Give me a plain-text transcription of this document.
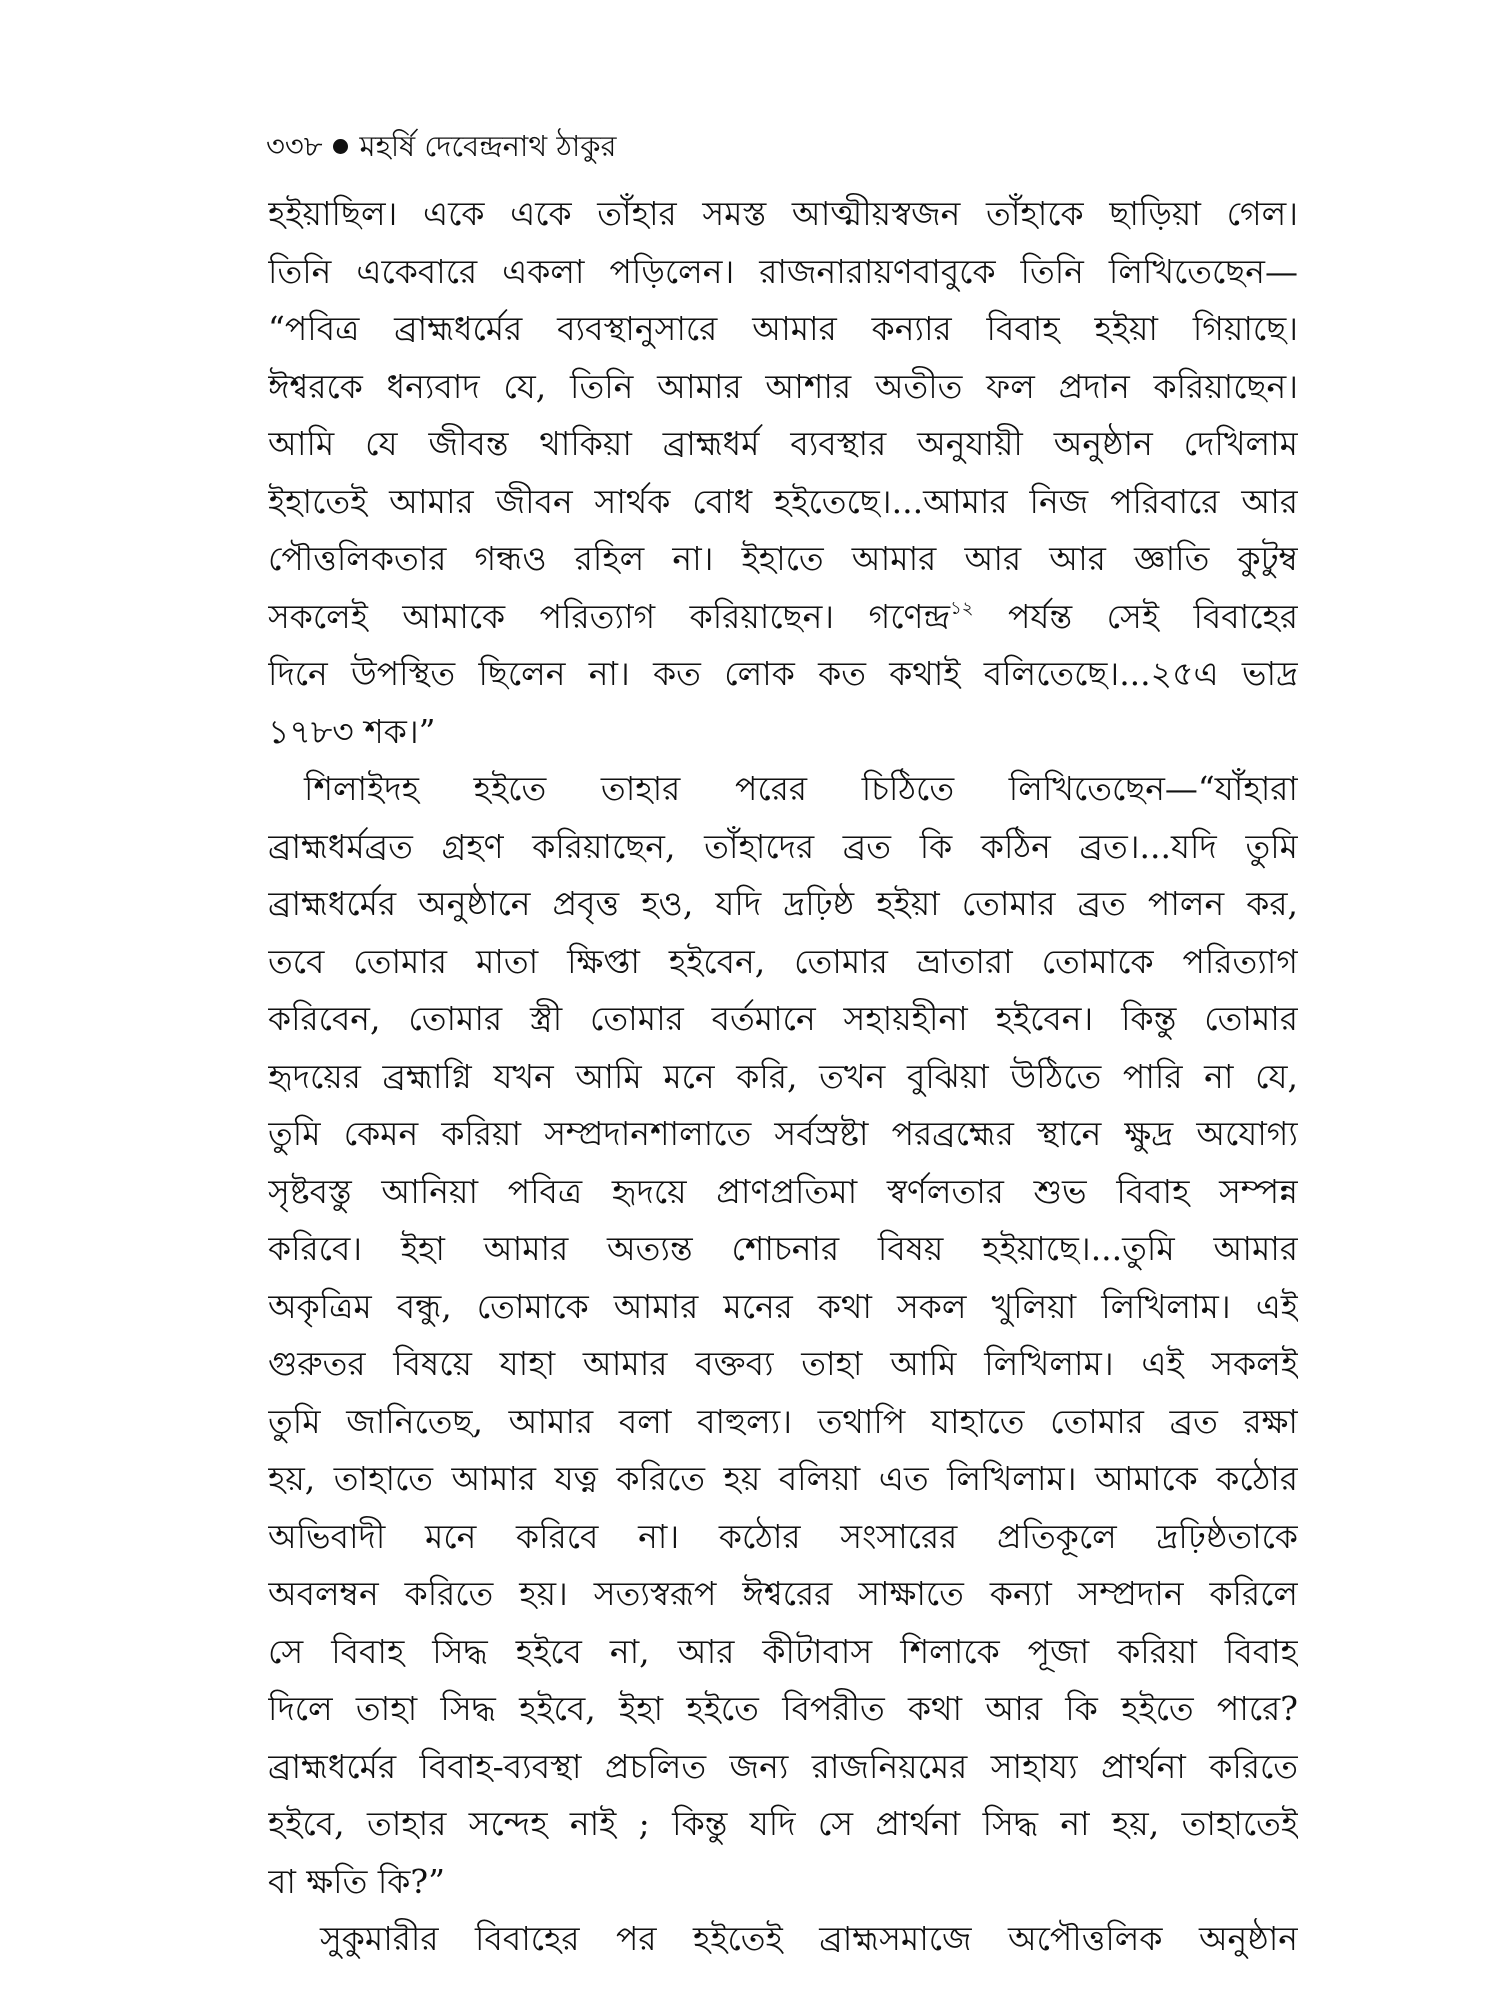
৩৩৮ মহর্ষি দেবেন্দ্রনাথ ঠাকুর
হইয়াছিল। একে একে তাঁহার সমস্ত আত্মীয়স্বজন তাঁহাকে ছাড়িয়া গেল।
তিনি একেবারে একলা পড়িলেন। রাজনারায়ণবাবুকে তিনি লিখিতেছেন—
“পবিত্র ব্রাহ্মধর্মের ব্যবস্থানুসারে আমার কন্যার বিবাহ হইয়া গিয়াছে।
ঈশ্বরকে ধন্যবাদ যে, তিনি আমার আশার অতীত ফল প্রদান করিয়াছেন।
আমি যে জীবন্ত থাকিয়া ব্রাহ্মধর্ম ব্যবস্থার অনুযায়ী অনুষ্ঠান দেখিলাম
ইহাতেই আমার জীবন সার্থক বোধ হইতেছে।...আমার নিজ পরিবারে আর
পৌত্তলিকতার গন্ধও রহিল না। ইহাতে আমার আর আর জ্ঞাতি কুটুম্ব
সকলেই আমাকে পরিত্যাগ করিয়াছেন। গণেন্দ্র$^{১২}$ পর্যন্ত সেই বিবাহের
দিনে উপস্থিত ছিলেন না। কত লোক কত কথাই বলিতেছে।...২৫এ ভাদ্র
১৭৮৩ শক।”
শিলাইদহ হইতে তাহার পরের চিঠিতে লিখিতেছেন—“যাঁহারা
ব্রাহ্মধর্মব্রত গ্রহণ করিয়াছেন, তাঁহাদের ব্রত কি কঠিন ব্রত।...যদি তুমি
ব্রাহ্মধর্মের অনুষ্ঠানে প্রবৃত্ত হও, যদি দ্রঢ়িষ্ঠ হইয়া তোমার ব্রত পালন কর,
তবে তোমার মাতা ক্ষিপ্তা হইবেন, তোমার ভ্রাতারা তোমাকে পরিত্যাগ
করিবেন, তোমার স্ত্রী তোমার বর্তমানে সহায়হীনা হইবেন। কিন্তু তোমার
হৃদয়ের ব্রহ্মাগ্নি যখন আমি মনে করি, তখন বুঝিয়া উঠিতে পারি না যে,
তুমি কেমন করিয়া সম্প্রদানশালাতে সর্বস্রষ্টা পরব্রহ্মের স্থানে ক্ষুদ্র অযোগ্য
সৃষ্টবস্তু আনিয়া পবিত্র হৃদয়ে প্রাণপ্রতিমা স্বর্ণলতার শুভ বিবাহ সম্পন্ন
করিবে। ইহা আমার অত্যন্ত শোচনার বিষয় হইয়াছে।...তুমি আমার
অকৃত্রিম বন্ধু, তোমাকে আমার মনের কথা সকল খুলিয়া লিখিলাম। এই
গুরুতর বিষয়ে যাহা আমার বক্তব্য তাহা আমি লিখিলাম। এই সকলই
তুমি জানিতেছ, আমার বলা বাহুল্য। তথাপি যাহাতে তোমার ব্রত রক্ষা
হয়, তাহাতে আমার যত্ন করিতে হয় বলিয়া এত লিখিলাম। আমাকে কঠোর
অভিবাদী মনে করিবে না। কঠোর সংসারের প্রতিকূলে দ্রঢ়িষ্ঠতাকে
অবলম্বন করিতে হয়। সত্যস্বরূপ ঈশ্বরের সাক্ষাতে কন্যা সম্প্রদান করিলে
সে বিবাহ সিদ্ধ হইবে না, আর কীটাবাস শিলাকে পূজা করিয়া বিবাহ
দিলে তাহা সিদ্ধ হইবে, ইহা হইতে বিপরীত কথা আর কি হইতে পারে?
ব্রাহ্মধর্মের বিবাহ-ব্যবস্থা প্রচলিত জন্য রাজনিয়মের সাহায্য প্রার্থনা করিতে
হইবে, তাহার সন্দেহ নাই ; কিন্তু যদি সে প্রার্থনা সিদ্ধ না হয়, তাহাতেই
বা ক্ষতি কি?”
সুকুমারীর বিবাহের পর হইতেই ব্রাহ্মসমাজে অপৌত্তলিক অনুষ্ঠান
